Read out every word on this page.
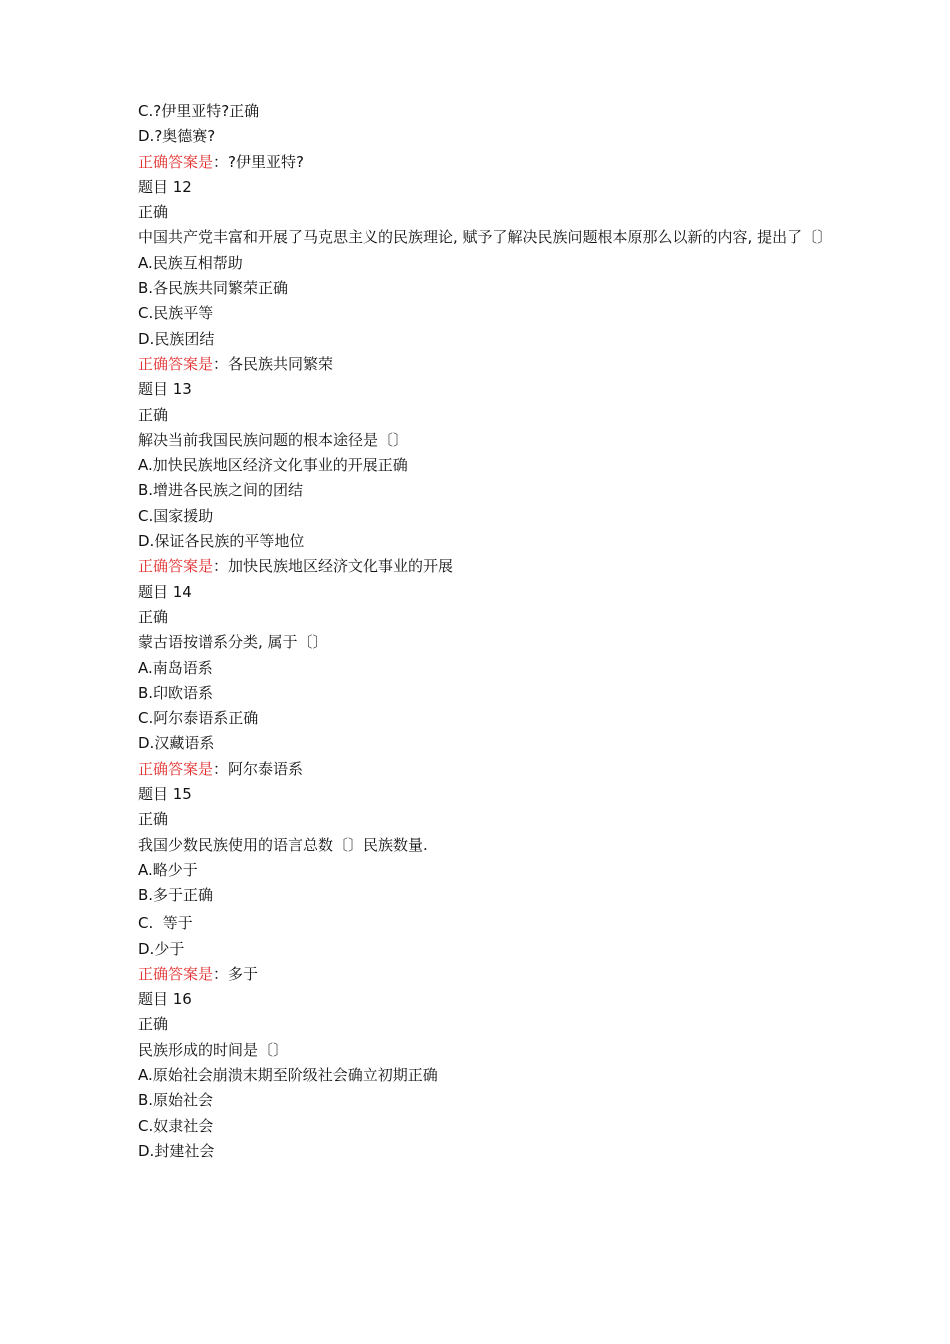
C.?伊里亚特?正确
D.?奥德赛?
正确答案是：?伊里亚特?
题目 12
正确
中国共产党丰富和开展了马克思主义的民族理论, 赋予了解决民族问题根本原那么以新的内容, 提出了〔〕
A.民族互相帮助
B.各民族共同繁荣正确
C.民族平等
D.民族团结
正确答案是：各民族共同繁荣
题目 13
正确
解决当前我国民族问题的根本途径是〔〕
A.加快民族地区经济文化事业的开展正确
B.增进各民族之间的团结
C.国家援助
D.保证各民族的平等地位
正确答案是：加快民族地区经济文化事业的开展
题目 14
正确
蒙古语按谱系分类, 属于〔〕
A.南岛语系
B.印欧语系
C.阿尔泰语系正确
D.汉藏语系
正确答案是：阿尔泰语系
题目 15
正确
我国少数民族使用的语言总数〔〕民族数量.
A.略少于
B.多于正确
C.  等于
D.少于
正确答案是：多于
题目 16
正确
民族形成的时间是〔〕
A.原始社会崩溃末期至阶级社会确立初期正确
B.原始社会
C.奴隶社会
D.封建社会
